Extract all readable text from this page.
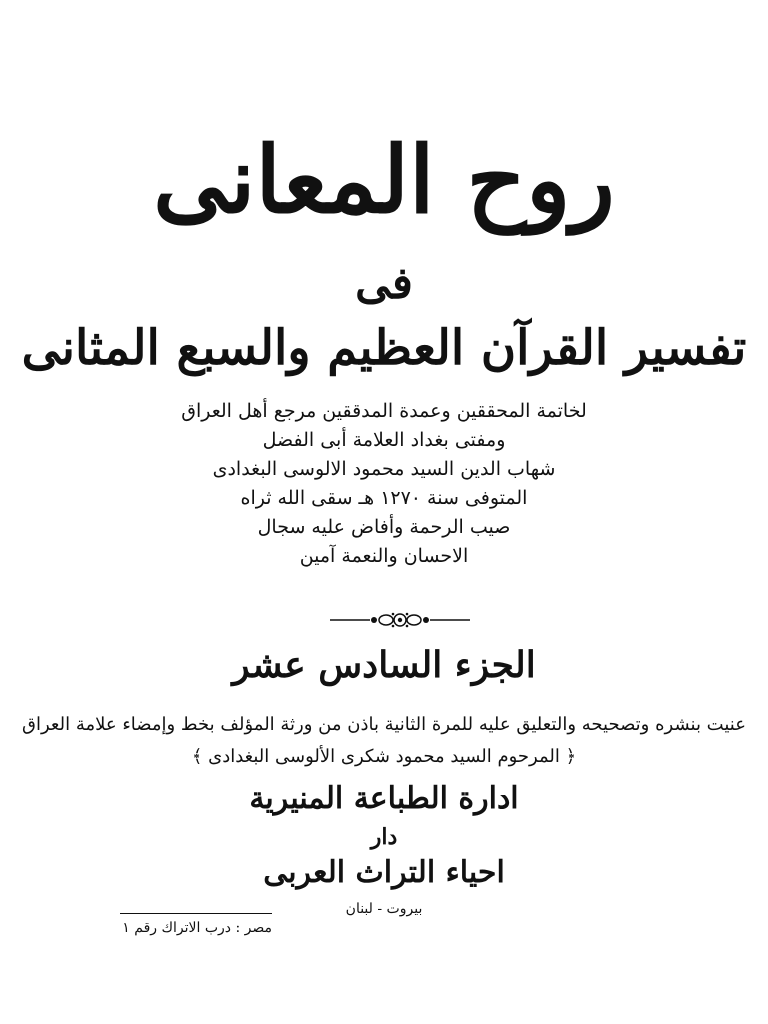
روح المعانى
فى
تفسير القرآن العظيم والسبع المثانى
لخاتمة المحققين وعمدة المدققين مرجع أهل العراق
ومفتى بغداد العلامة أبى الفضل
شهاب الدين السيد محمود الالوسى البغدادى
المتوفى سنة ١٢٧٠ هـ سقى الله ثراه
صيب الرحمة وأفاض عليه سجال
الاحسان والنعمة آمين
الجزء السادس عشر
عنيت بنشره وتصحيحه والتعليق عليه للمرة الثانية باذن من ورثة المؤلف بخط وإمضاء علامة العراق
﴿ المرحوم السيد محمود شكرى الألوسى البغدادى ﴾
ادارة الطباعة المنيرية
دار
احياء التراث العربى
بيروت - لبنان
مصر : درب الاتراك رقم ١
